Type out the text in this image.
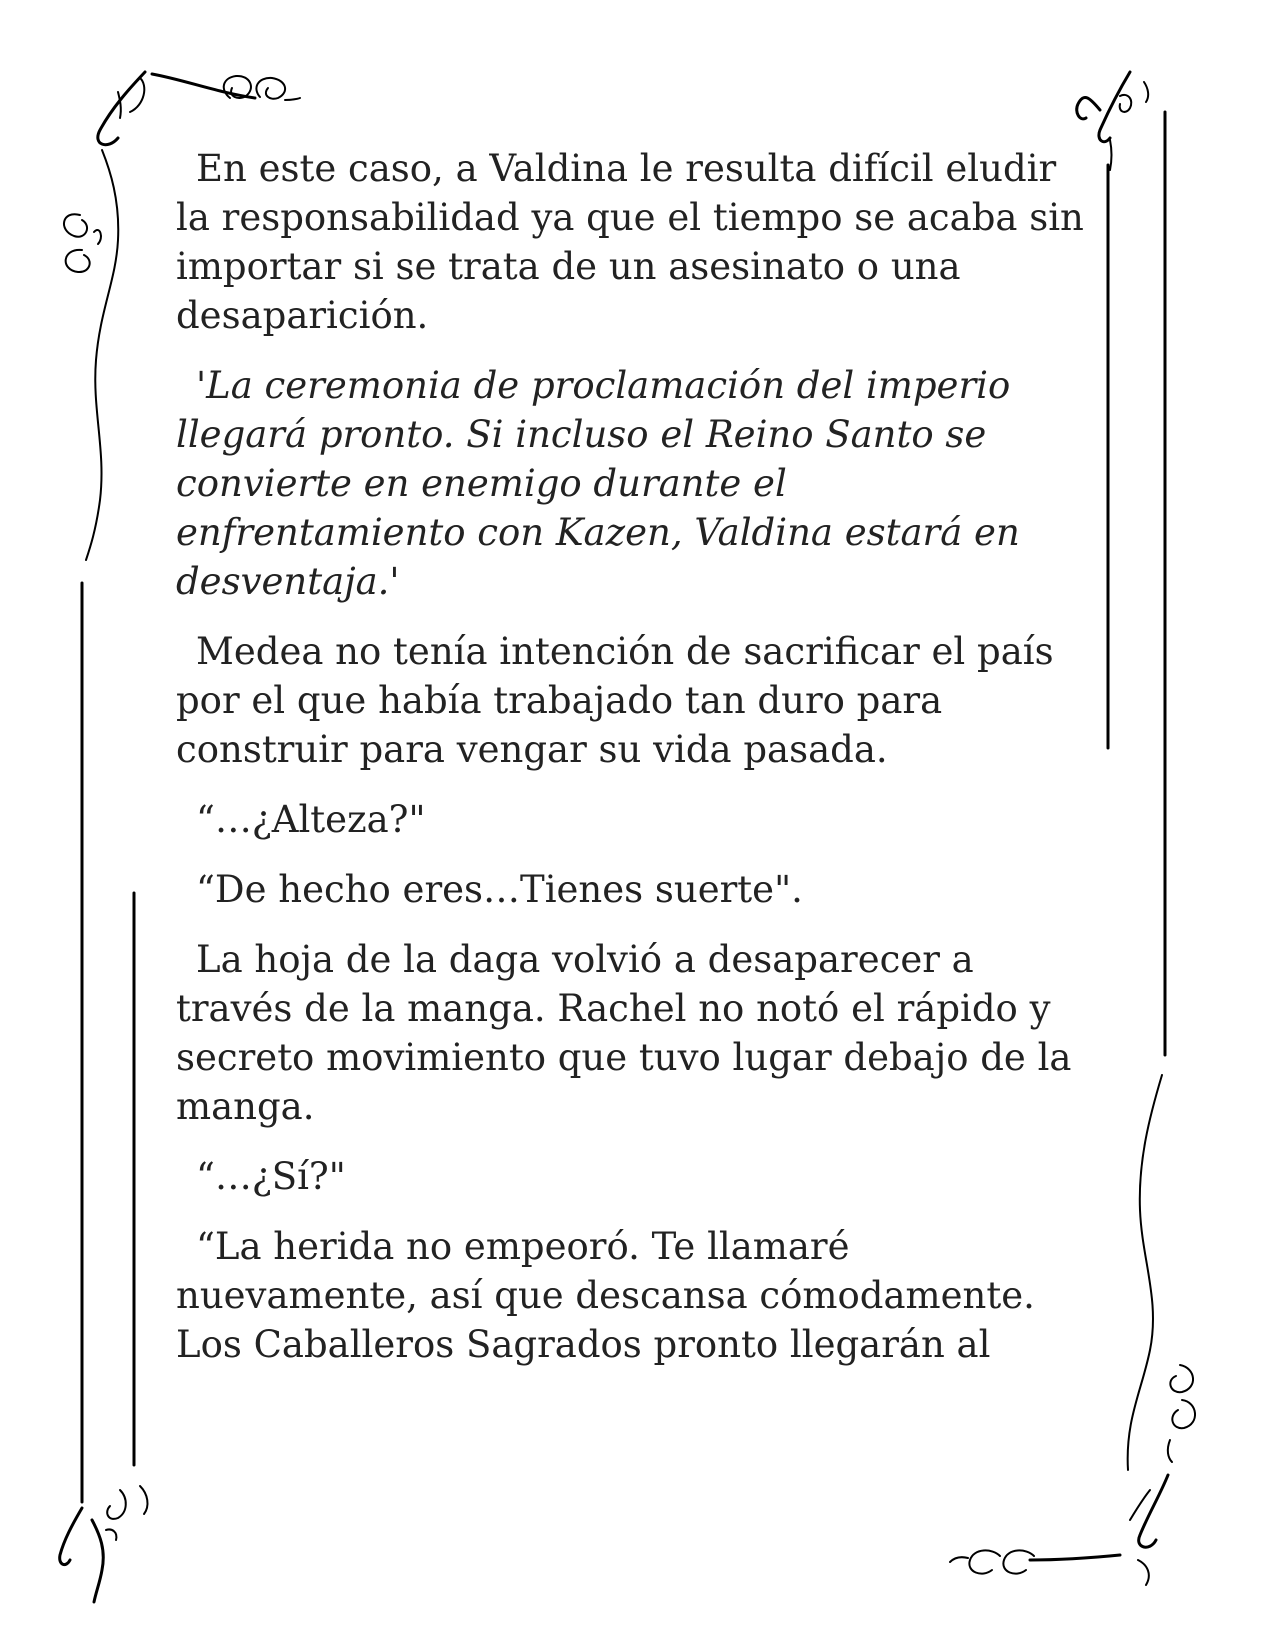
En este caso, a Valdina le resulta difícil eludir la responsabilidad ya que el tiempo se acaba sin importar si se trata de un asesinato o una desaparición.

'La ceremonia de proclamación del imperio llegará pronto. Si incluso el Reino Santo se convierte en enemigo durante el enfrentamiento con Kazen, Valdina estará en desventaja.'

Medea no tenía intención de sacrificar el país por el que había trabajado tan duro para construir para vengar su vida pasada.

“…¿Alteza?"

“De hecho eres…Tienes suerte".

La hoja de la daga volvió a desaparecer a través de la manga. Rachel no notó el rápido y secreto movimiento que tuvo lugar debajo de la manga.

“…¿Sí?"

“La herida no empeoró. Te llamaré nuevamente, así que descansa cómodamente. Los Caballeros Sagrados pronto llegarán al
